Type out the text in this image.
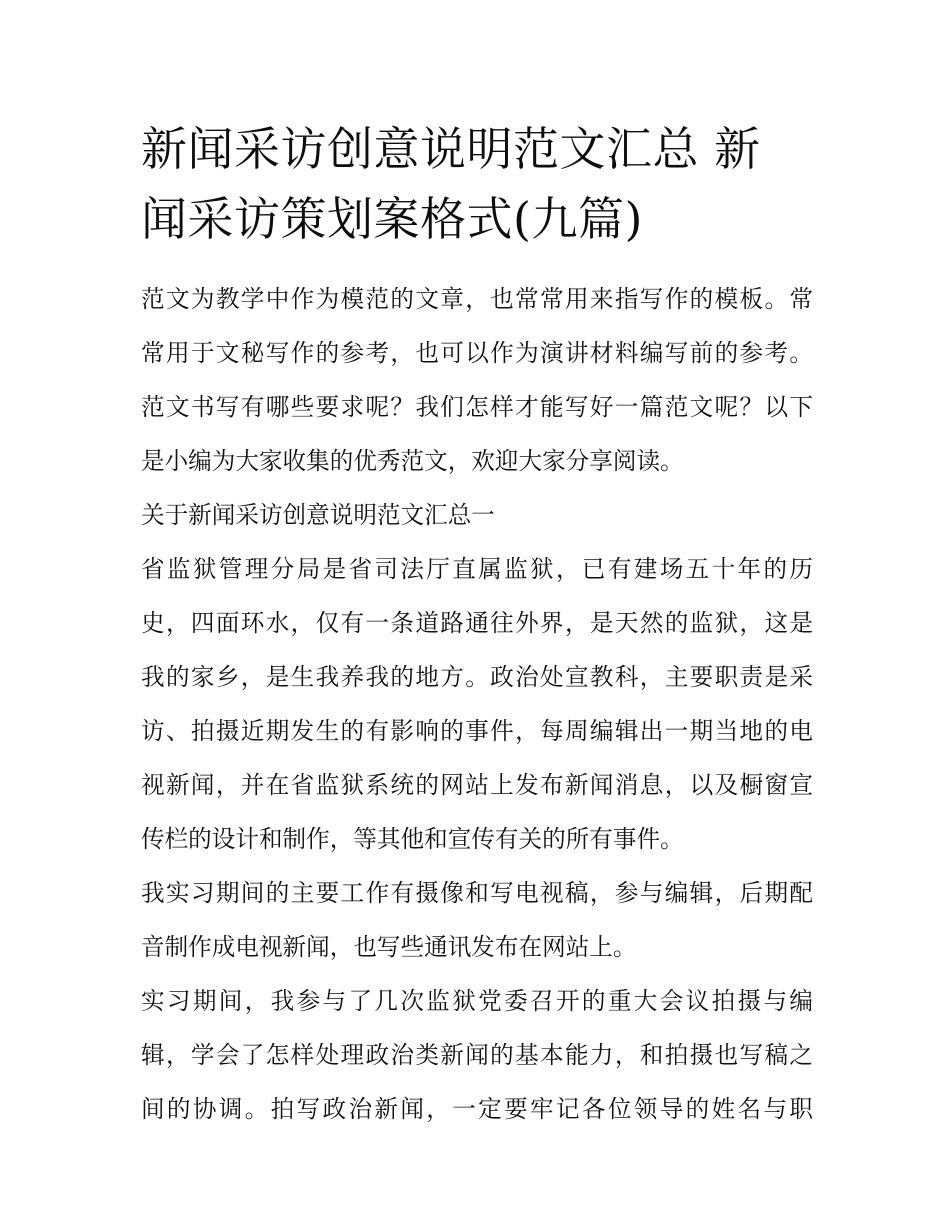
新闻采访创意说明范文汇总 新
闻采访策划案格式(九篇)
范文为教学中作为模范的文章，也常常用来指写作的模板。常
常用于文秘写作的参考，也可以作为演讲材料编写前的参考。
范文书写有哪些要求呢？我们怎样才能写好一篇范文呢？以下
是小编为大家收集的优秀范文，欢迎大家分享阅读。
关于新闻采访创意说明范文汇总一
省监狱管理分局是省司法厅直属监狱，已有建场五十年的历
史，四面环水，仅有一条道路通往外界，是天然的监狱，这是
我的家乡，是生我养我的地方。政治处宣教科，主要职责是采
访、拍摄近期发生的有影响的事件，每周编辑出一期当地的电
视新闻，并在省监狱系统的网站上发布新闻消息，以及橱窗宣
传栏的设计和制作，等其他和宣传有关的所有事件。
我实习期间的主要工作有摄像和写电视稿，参与编辑，后期配
音制作成电视新闻，也写些通讯发布在网站上。
实习期间，我参与了几次监狱党委召开的重大会议拍摄与编
辑，学会了怎样处理政治类新闻的基本能力，和拍摄也写稿之
间的协调。拍写政治新闻，一定要牢记各位领导的姓名与职
